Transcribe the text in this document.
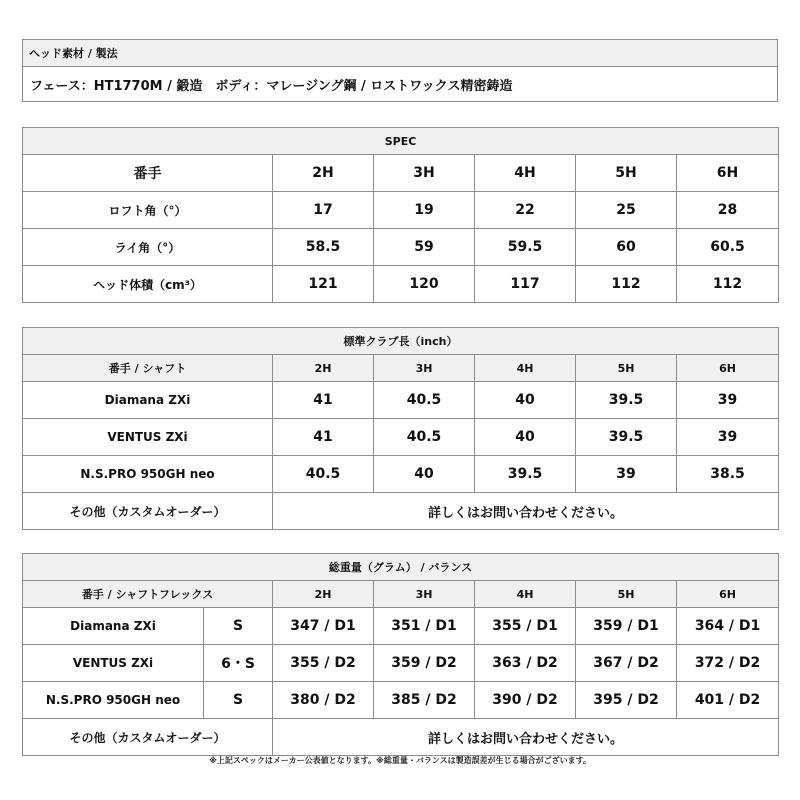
ヘッド素材 / 製法
フェース：HT1770M / 鍛造　ボディ：マレージング鋼 / ロストワックス精密鋳造
SPEC					
番手	2H	3H	4H	5H	6H
ロフト角（°）	17	19	22	25	28
ライ角（°）	58.5	59	59.5	60	60.5
ヘッド体積（cm³）	121	120	117	112	112
標準クラブ長（inch）					
番手 / シャフト	2H	3H	4H	5H	6H
Diamana ZXi	41	40.5	40	39.5	39
VENTUS ZXi	41	40.5	40	39.5	39
N.S.PRO 950GH neo	40.5	40	39.5	39	38.5
その他（カスタムオーダー）	詳しくはお問い合わせください。				
総重量（グラム） / バランス						
番手 / シャフトフレックス		2H	3H	4H	5H	6H
Diamana ZXi	S	347 / D1	351 / D1	355 / D1	359 / D1	364 / D1
VENTUS ZXi	6・S	355 / D2	359 / D2	363 / D2	367 / D2	372 / D2
N.S.PRO 950GH neo	S	380 / D2	385 / D2	390 / D2	395 / D2	401 / D2
その他（カスタムオーダー）		詳しくはお問い合わせください。				
※上記スペックはメーカー公表値となります。※総重量・バランスは製造誤差が生じる場合がございます。
